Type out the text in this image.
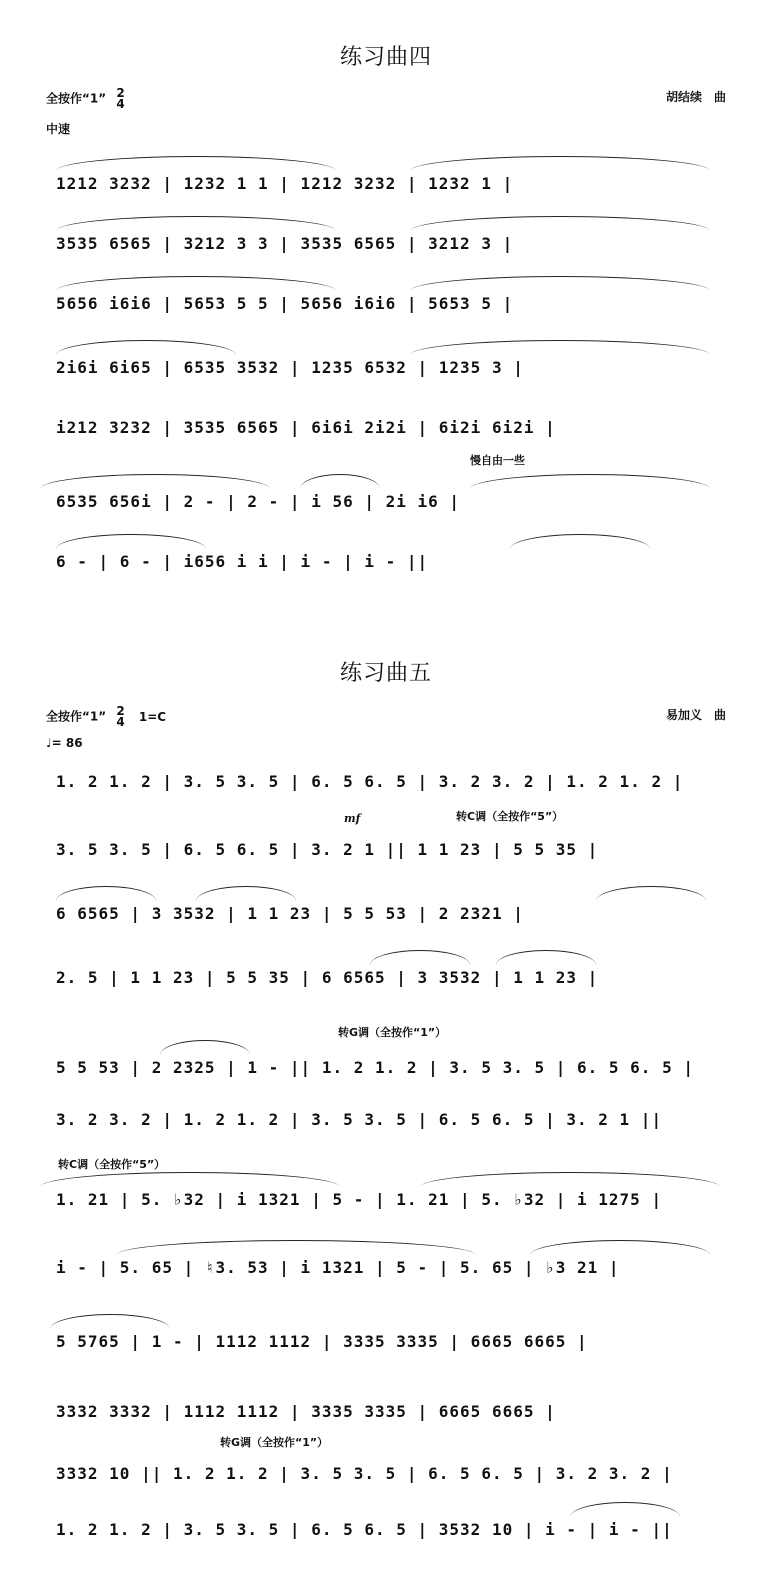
练习曲四
全按作“1” 2
4	胡结续　曲
中速
1212 3232 | 1232 1 1 | 1212 3232 | 1232 1 |
3535 6565 | 3212 3 3 | 3535 6565 | 3212 3 |
5656 i6i6 | 5653 5 5 | 5656 i6i6 | 5653 5 |
2i6i 6i65 | 6535 3532 | 1235 6532 | 1235 3 |
i212 3232 | 3535 6565 | 6i6i 2i2i | 6i2i 6i2i |
慢自由一些
6535 656i | 2 - | 2 - | i 56 | 2i i6 |
6 - | 6 - | i656 i i | i - | i - ||
练习曲五
全按作“1” 2
4 1=C	易加义　曲
♩= 86
1. 2 1. 2 | 3. 5 3. 5 | 6. 5 6. 5 | 3. 2 3. 2 | 1. 2 1. 2 |
mf	转C调（全按作“5”）
3. 5 3. 5 | 6. 5 6. 5 | 3. 2 1 || 1 1 23 | 5 5 35 |
6 6565 | 3 3532 | 1 1 23 | 5 5 53 | 2 2321 |
2. 5 | 1 1 23 | 5 5 35 | 6 6565 | 3 3532 | 1 1 23 |
转G调（全按作“1”）
5 5 53 | 2 2325 | 1 - || 1. 2 1. 2 | 3. 5 3. 5 | 6. 5 6. 5 |
3. 2 3. 2 | 1. 2 1. 2 | 3. 5 3. 5 | 6. 5 6. 5 | 3. 2 1 ||
转C调（全按作“5”）
1. 21 | 5. ♭32 | i 1321 | 5 - | 1. 21 | 5. ♭32 | i 1275 |
i - | 5. 65 | ♮3. 53 | i 1321 | 5 - | 5. 65 | ♭3 21 |
5 5765 | 1 - | 1112 1112 | 3335 3335 | 6665 6665 |
3332 3332 | 1112 1112 | 3335 3335 | 6665 6665 |
转G调（全按作“1”）
3332 10 || 1. 2 1. 2 | 3. 5 3. 5 | 6. 5 6. 5 | 3. 2 3. 2 |
1. 2 1. 2 | 3. 5 3. 5 | 6. 5 6. 5 | 3532 10 | i - | i - ||
